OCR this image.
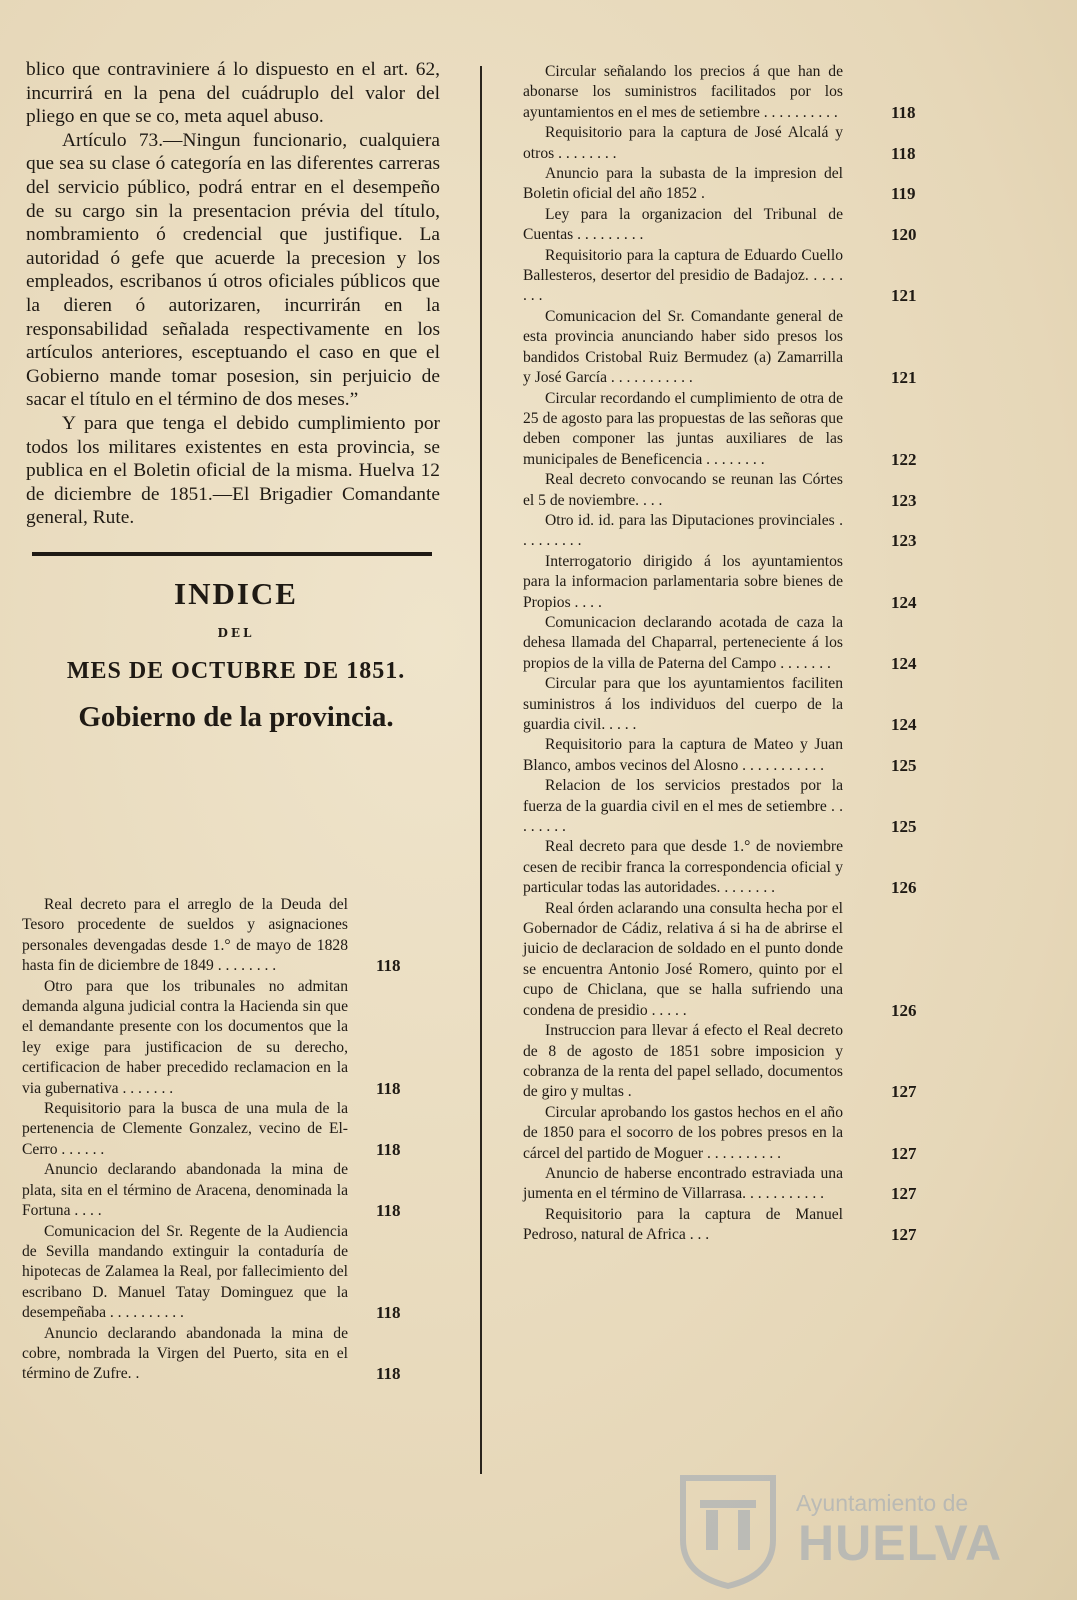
blico que contraviniere á lo dispuesto en el art. 62, incurrirá en la pena del cuádruplo del valor del pliego en que se co, meta aquel abuso.

Artículo 73.—Ningun funcionario, cualquiera que sea su clase ó categoría en las diferentes carreras del servicio público, podrá entrar en el desempeño de su cargo sin la presentacion prévia del título, nombramiento ó credencial que justifique. La autoridad ó gefe que acuerde la precesion y los empleados, escribanos ú otros oficiales públicos que la dieren ó autorizaren, incurrirán en la responsabilidad señalada respectivamente en los artículos anteriores, esceptuando el caso en que el Gobierno mande tomar posesion, sin perjuicio de sacar el título en el término de dos meses.”

Y para que tenga el debido cumplimiento por todos los militares existentes en esta provincia, se publica en el Boletin oficial de la misma. Huelva 12 de diciembre de 1851.—El Brigadier Comandante general, Rute.

INDICE
DEL
MES DE OCTUBRE DE 1851.
Gobierno de la provincia.
Real decreto para el arreglo de la Deuda del Tesoro procedente de sueldos y asignaciones personales devengadas desde 1.° de mayo de 1828 hasta fin de diciembre de 1849 . . . . . . . .	118
Otro para que los tribunales no admitan demanda alguna judicial contra la Hacienda sin que el demandante presente con los documentos que la ley exige para justificacion de su derecho, certificacion de haber precedido reclamacion en la via gubernativa . . . . . . .	118
Requisitorio para la busca de una mula de la pertenencia de Clemente Gonzalez, vecino de El-Cerro . . . . . .	118
Anuncio declarando abandonada la mina de plata, sita en el término de Aracena, denominada la Fortuna . . . .	118
Comunicacion del Sr. Regente de la Audiencia de Sevilla mandando extinguir la contaduría de hipotecas de Zalamea la Real, por fallecimiento del escribano D. Manuel Tatay Dominguez que la desempeñaba . . . . . . . . . .	118
Anuncio declarando abandonada la mina de cobre, nombrada la Virgen del Puerto, sita en el término de Zufre. .	118
Circular señalando los precios á que han de abonarse los suministros facilitados por los ayuntamientos en el mes de setiembre . . . . . . . . . .	118
Requisitorio para la captura de José Alcalá y otros . . . . . . . .	118
Anuncio para la subasta de la impresion del Boletin oficial del año 1852 .	119
Ley para la organizacion del Tribunal de Cuentas . . . . . . . . .	120
Requisitorio para la captura de Eduardo Cuello Ballesteros, desertor del presidio de Badajoz. . . . . . . .	121
Comunicacion del Sr. Comandante general de esta provincia anunciando haber sido presos los bandidos Cristobal Ruiz Bermudez (a) Zamarrilla y José García . . . . . . . . . . .	121
Circular recordando el cumplimiento de otra de 25 de agosto para las propuestas de las señoras que deben componer las juntas auxiliares de las municipales de Beneficencia . . . . . . . .	122
Real decreto convocando se reunan las Córtes el 5 de noviembre. . . .	123
Otro id. id. para las Diputaciones provinciales . . . . . . . . .	123
Interrogatorio dirigido á los ayuntamientos para la informacion parlamentaria sobre bienes de Propios . . . .	124
Comunicacion declarando acotada de caza la dehesa llamada del Chaparral, perteneciente á los propios de la villa de Paterna del Campo . . . . . . .	124
Circular para que los ayuntamientos faciliten suministros á los individuos del cuerpo de la guardia civil. . . . .	124
Requisitorio para la captura de Mateo y Juan Blanco, ambos vecinos del Alosno . . . . . . . . . . .	125
Relacion de los servicios prestados por la fuerza de la guardia civil en el mes de setiembre . . . . . . . .	125
Real decreto para que desde 1.° de noviembre cesen de recibir franca la correspondencia oficial y particular todas las autoridades. . . . . . . .	126
Real órden aclarando una consulta hecha por el Gobernador de Cádiz, relativa á si ha de abrirse el juicio de declaracion de soldado en el punto donde se encuentra Antonio José Romero, quinto por el cupo de Chiclana, que se halla sufriendo una condena de presidio . . . . .	126
Instruccion para llevar á efecto el Real decreto de 8 de agosto de 1851 sobre imposicion y cobranza de la renta del papel sellado, documentos de giro y multas .	127
Circular aprobando los gastos hechos en el año de 1850 para el socorro de los pobres presos en la cárcel del partido de Moguer . . . . . . . . . .	127
Anuncio de haberse encontrado estraviada una jumenta en el término de Villarrasa. . . . . . . . . . .	127
Requisitorio para la captura de Manuel Pedroso, natural de Africa . . .	127
Ayuntamiento de
HUELVA
